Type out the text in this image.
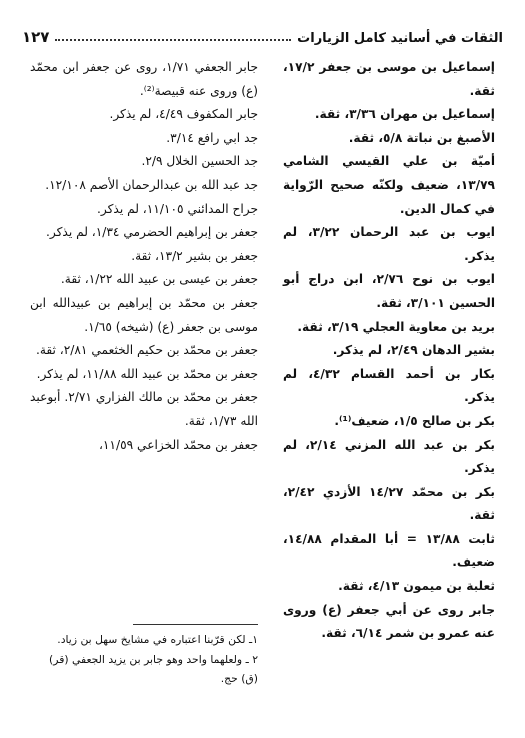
الثقات في أسانيد كامل الزيارات
١٢٧
إسماعيل بن موسى بن جعفر ١٧/٢، ثقة.
إسماعيل بن مهران ٣/٣٦، ثقة.
الأصبغ بن نباتة ٥/٨، ثقة.
أميّة بن علي القيسي الشامي ١٣/٧٩، ضعيف ولكنّه صحيح الرّواية في كمال الدين.
ايوب بن عبد الرحمان ٣/٢٢، لم يذكر.
ايوب بن نوح ٢/٧٦، ابن دراج أبو الحسين ٣/١٠١، ثقة.
بريد بن معاوية العجلي ٣/١٩، ثقة.
بشير الدهان ٢/٤٩، لم يذكر.
بكار بن أحمد القسام ٤/٣٢، لم يذكر.
بكر بن صالح ١/٥، ضعيف⁽¹⁾.
بكر بن عبد الله المزني ٢/١٤، لم يذكر.
بكر بن محمّد ١٤/٢٧ الأزدي ٢/٤٢، ثقة.
ثابت ١٣/٨٨ = أبا المقدام ١٤/٨٨، ضعيف.
ثعلبة بن ميمون ٤/١٣، ثقة.
جابر روى عن أبي جعفر (ع) وروى عنه عمرو بن شمر ٦/١٤، ثقة.
جابر الجعفي ١/٧١، روى عن جعفر ابن محمّد (ع) وروى عنه قبيصة⁽²⁾.
جابر المكفوف ٤/٤٩، لم يذكر.
جد ابي رافع ٣/١٤.
جد الحسين الخلال ٢/٩.
جد عبد الله بن عبدالرحمان الأصم ١٢/١٠٨.
جراح المدائني ١١/١٠٥، لم يذكر.
جعفر بن إبراهيم الحضرمي ١/٣٤، لم يذكر.
جعفر بن بشير ١٣/٢، ثقة.
جعفر بن عيسى بن عبيد الله ١/٢٢، ثقة.
جعفر بن محمّد بن إبراهيم بن عبيدالله ابن موسى بن جعفر (ع) (شيخه) ١/٦٥.
جعفر بن محمّد بن حكيم الخثعمي ٢/٨١، ثقة.
جعفر بن محمّد بن عبيد الله ١١/٨٨، لم يذكر.
جعفر بن محمّد بن مالك الفزاري ٢/٧١. أبوعبد الله ١/٧٣، ثقة.
جعفر بن محمّد الخزاعي ١١/٥٩،
١ـ لكن قرّبنا اعتباره في مشايخ سهل بن زياد.
٢ ـ ولعلهما واحد وهو جابر بن يزيد الجعفي (قر) (ق) حج.
